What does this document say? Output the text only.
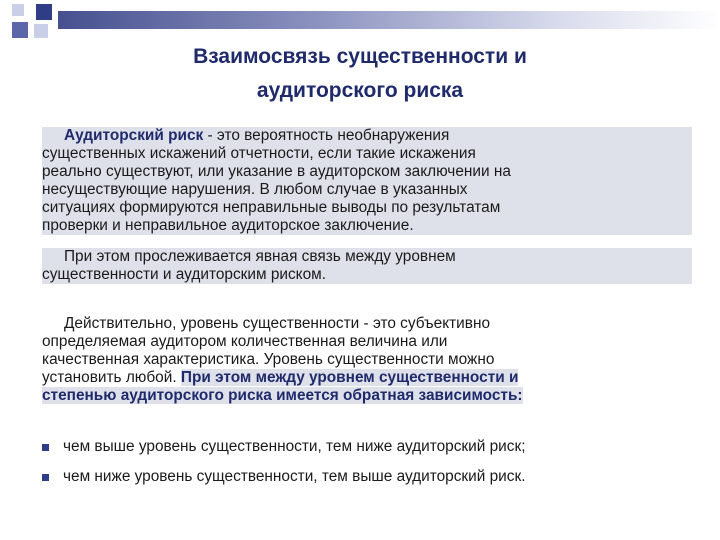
Взаимосвязь существенности и
аудиторского риска
Аудиторский риск - это вероятность необнаружения
существенных искажений отчетности, если такие искажения
реально существуют, или указание в аудиторском заключении на
несуществующие нарушения. В любом случае в указанных
ситуациях формируются неправильные выводы по результатам
проверки и неправильное аудиторское заключение.
При этом прослеживается явная связь между уровнем
существенности и аудиторским риском.
Действительно, уровень существенности - это субъективно
определяемая аудитором количественная величина или
качественная характеристика. Уровень существенности можно
установить любой. При этом между уровнем существенности и
степенью аудиторского риска имеется обратная зависимость:
чем выше уровень существенности, тем ниже аудиторский риск;
чем ниже уровень существенности, тем выше аудиторский риск.
